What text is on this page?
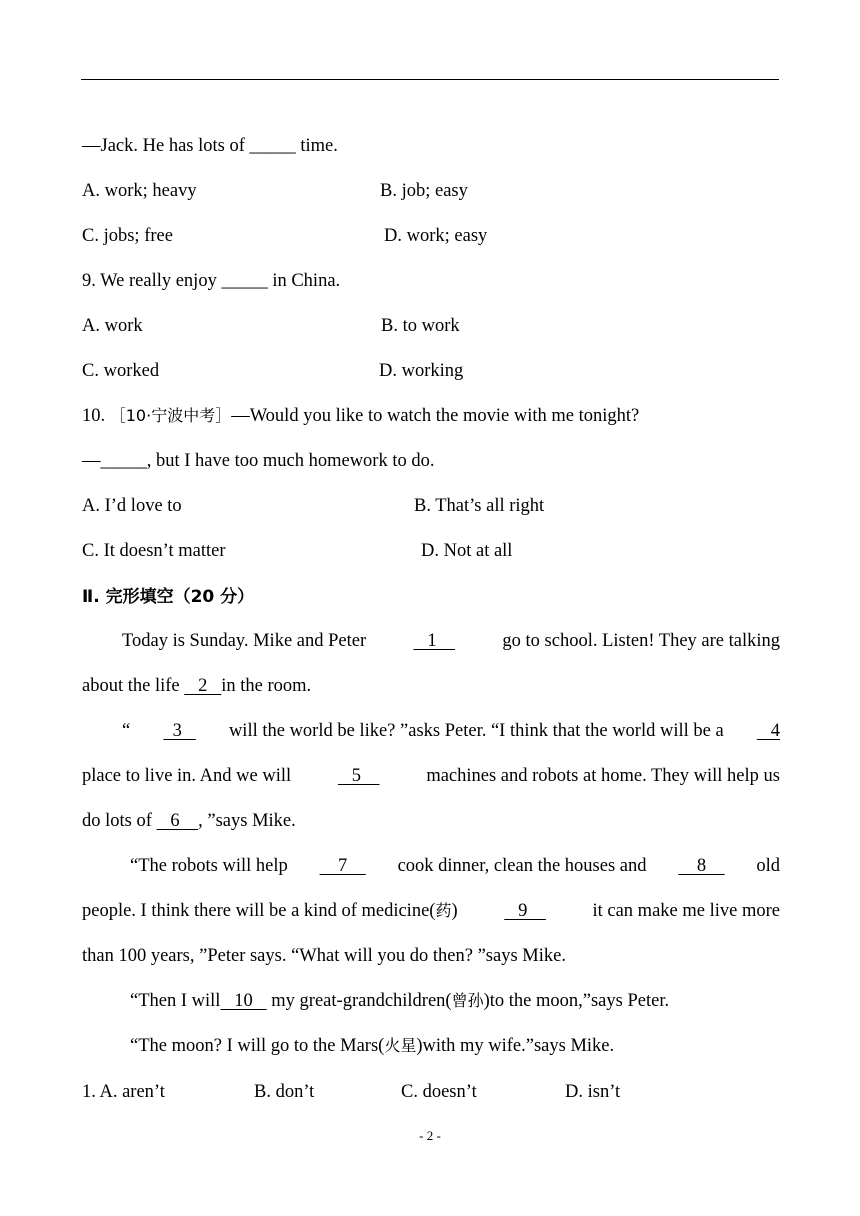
—Jack. He has lots of _____ time.
A. work; heavy	B. job; easy
C. jobs; free	D. work; easy
9. We really enjoy _____ in China.
A. work	B. to work
C. worked	D. working
10. ［10·宁波中考］—Would you like to watch the movie with me tonight?
—_____, but I have too much homework to do.
A. I’d love to	B. That’s all right
C. It doesn’t matter	D. Not at all
Ⅱ. 完形填空（20 分）
Today is Sunday. Mike and Peter	1	go to school. Listen! They are talking
about the life    2   in the room.
“ 3 will the world be like? ”asks Peter. “I think that the world will be a 4
place to live in. And we will	5	machines and robots at home. They will help us
do lots of    6    , ”says Mike.
“The robots will help 7 cook dinner, clean the houses and 8 old
people. I think there will be a kind of medicine(药)	9	it can make me live more
than 100 years, ”Peter says. “What will you do then? ”says Mike.
“Then I will   10    my great-grandchildren(曾孙)to the moon,”says Peter.
“The moon? I will go to the Mars(火星)with my wife.”says Mike.
1. A. aren’t	B. don’t	C. doesn’t	D. isn’t
- 2 -
